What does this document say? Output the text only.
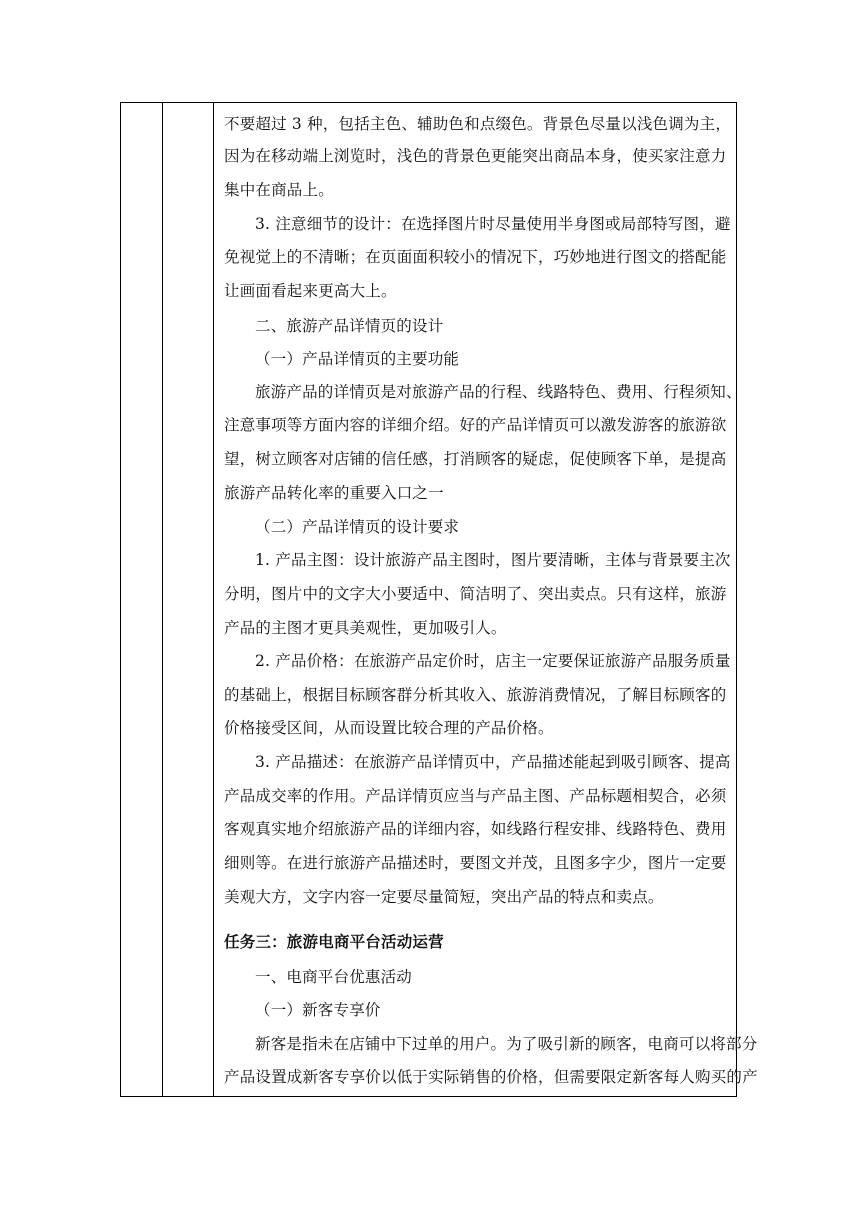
不要超过 3 种，包括主色、辅助色和点缀色。背景色尽量以浅色调为主，
因为在移动端上浏览时，浅色的背景色更能突出商品本身，使买家注意力
集中在商品上。
3. 注意细节的设计：在选择图片时尽量使用半身图或局部特写图，避
免视觉上的不清晰；在页面面积较小的情况下，巧妙地进行图文的搭配能
让画面看起来更高大上。
二、旅游产品详情页的设计
（一）产品详情页的主要功能
旅游产品的详情页是对旅游产品的行程、线路特色、费用、行程须知、
注意事项等方面内容的详细介绍。好的产品详情页可以激发游客的旅游欲
望，树立顾客对店铺的信任感，打消顾客的疑虑，促使顾客下单，是提高
旅游产品转化率的重要入口之一
（二）产品详情页的设计要求
1. 产品主图：设计旅游产品主图时，图片要清晰，主体与背景要主次
分明，图片中的文字大小要适中、简洁明了、突出卖点。只有这样，旅游
产品的主图才更具美观性，更加吸引人。
2. 产品价格：在旅游产品定价时，店主一定要保证旅游产品服务质量
的基础上，根据目标顾客群分析其收入、旅游消费情况，了解目标顾客的
价格接受区间，从而设置比较合理的产品价格。
3. 产品描述：在旅游产品详情页中，产品描述能起到吸引顾客、提高
产品成交率的作用。产品详情页应当与产品主图、产品标题相契合，必须
客观真实地介绍旅游产品的详细内容，如线路行程安排、线路特色、费用
细则等。在进行旅游产品描述时，要图文并茂，且图多字少，图片一定要
美观大方，文字内容一定要尽量简短，突出产品的特点和卖点。
任务三：旅游电商平台活动运营
一、电商平台优惠活动
（一）新客专享价
新客是指未在店铺中下过单的用户。为了吸引新的顾客，电商可以将部分
产品设置成新客专享价以低于实际销售的价格，但需要限定新客每人购买的产
